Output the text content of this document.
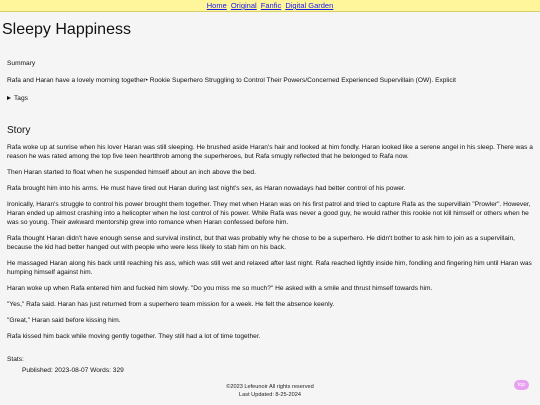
Home Original Fanfic Digital Garden
Sleepy Happiness
Summary
Rafa and Haran have a lovely morning together• Rookie Superhero Struggling to Control Their Powers/Concerned Experienced Supervillain (OW). Explicit
Tags
Story

Rafa woke up at sunrise when his lover Haran was still sleeping. He brushed aside Haran's hair and looked at him fondly. Haran looked like a serene angel in his sleep. There was a reason he was rated among the top five teen heartthrob among the superheroes, but Rafa smugly reflected that he belonged to Rafa now.

Then Haran started to float when he suspended himself about an inch above the bed.

Rafa brought him into his arms. He must have tired out Haran during last night's sex, as Haran nowadays had better control of his power.

Ironically, Haran's struggle to control his power brought them together. They met when Haran was on his first patrol and tried to capture Rafa as the supervillain "Prowler". However, Haran ended up almost crashing into a helicopter when he lost control of his power. While Rafa was never a good guy, he would rather this rookie not kill himself or others when he was so young. Their awkward mentorship grew into romance when Haran confessed before him.

Rafa thought Haran didn't have enough sense and survival instinct, but that was probably why he chose to be a superhero. He didn't bother to ask him to join as a supervillain, because the kid had better hanged out with people who were less likely to stab him on his back.

He massaged Haran along his back until reaching his ass, which was still wet and relaxed after last night. Rafa reached lightly inside him, fondling and fingering him until Haran was humping himself against him.

Haran woke up when Rafa entered him and fucked him slowly. "Do you miss me so much?" He asked with a smile and thrust himself towards him.

"Yes," Rafa said. Haran has just returned from a superhero team mission for a week. He felt the absence keenly.

"Great," Haran said before kissing him.

Rafa kissed him back while moving gently together. They still had a lot of time together.

Stats:
Published: 2023-08-07 Words: 329
©2023 Lefeunoir All rights reserved
Last Updated: 8-25-2024
top
